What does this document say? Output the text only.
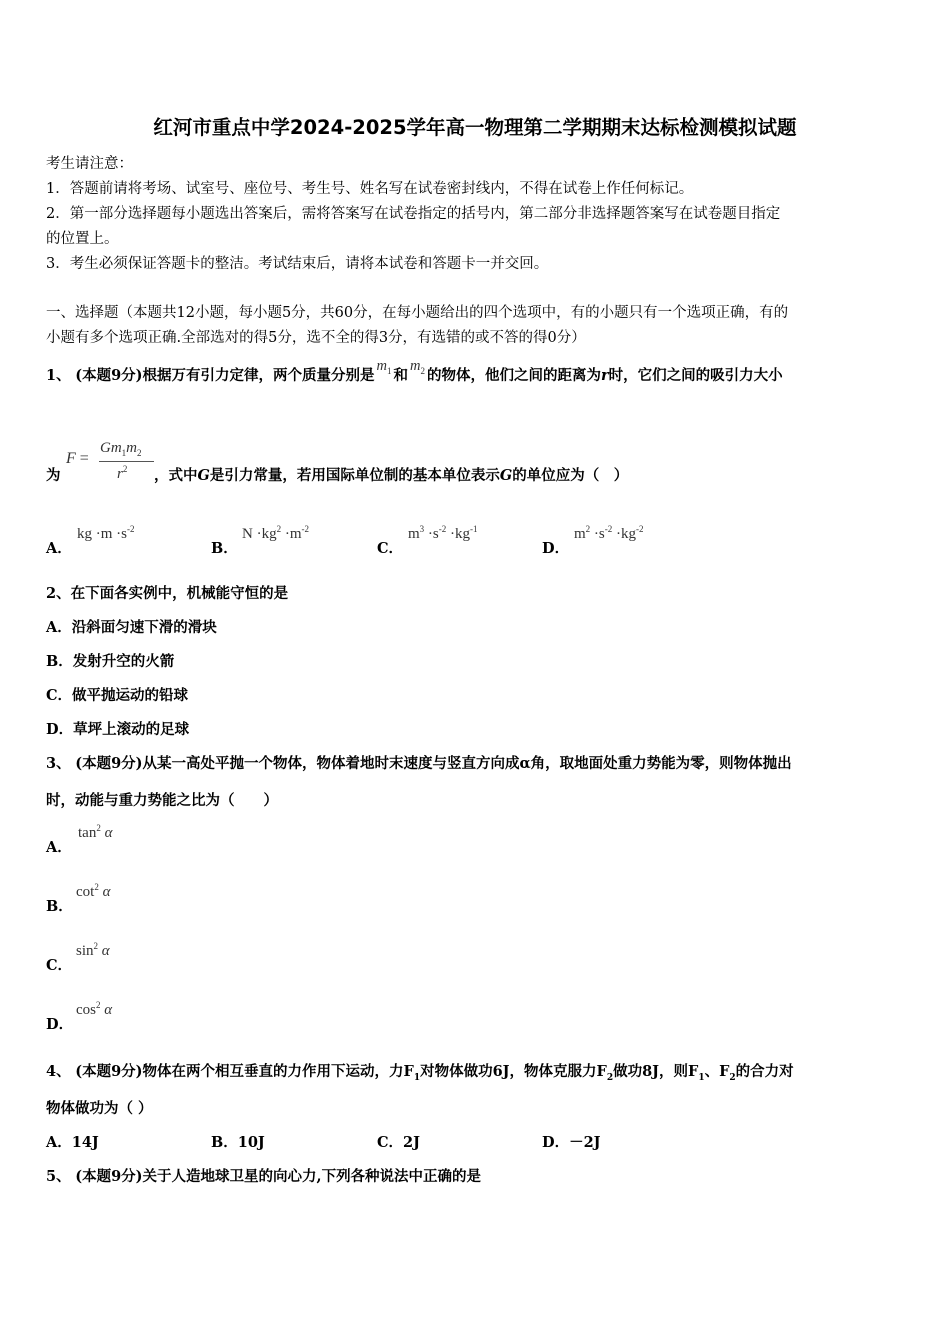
红河市重点中学2024-2025学年高一物理第二学期期末达标检测模拟试题
考生请注意：
1．答题前请将考场、试室号、座位号、考生号、姓名写在试卷密封线内，不得在试卷上作任何标记。
2．第一部分选择题每小题选出答案后，需将答案写在试卷指定的括号内，第二部分非选择题答案写在试卷题目指定
的位置上。
3．考生必须保证答题卡的整洁。考试结束后，请将本试卷和答题卡一并交回。
一、选择题（本题共12小题，每小题5分，共60分，在每小题给出的四个选项中，有的小题只有一个选项正确，有的
小题有多个选项正确.全部选对的得5分，选不全的得3分，有选错的或不答的得0分）
1、 (本题9分)根据万有引力定律，两个质量分别是$m_1$ 和$m_2$ 的物体，他们之间的距离为r时，它们之间的吸引力大小
为
F =
$Gm_1m_2$
$r^2$ ，式中G是引力常量，若用国际单位制的基本单位表示G的单位应为（　）
A．
kg $\cdot m \cdot s^{-2}$
B．
$N \cdot kg^2 \cdot m^{-2}$
C．
$m^3 \cdot s^{-2} \cdot kg^{-1}$
D．
$m^2 \cdot s^{-2} \cdot kg^{-2}$
2、在下面各实例中，机械能守恒的是
A．沿斜面匀速下滑的滑块
B．发射升空的火箭
C．做平抛运动的铅球
D．草坪上滚动的足球
3、 (本题9分)从某一高处平抛一个物体，物体着地时末速度与竖直方向成α角，取地面处重力势能为零，则物体抛出
时，动能与重力势能之比为（　　）
A．
$\tan^2 \alpha$
B．
$\cot^2 \alpha$
C．
$\sin^2 \alpha$
D．
$\cos^2 \alpha$
4、 (本题9分)物体在两个相互垂直的力作用下运动，力$F_1$对物体做功6J，物体克服力$F_2$做功8J，则$F_1$、$F_2$的合力对
物体做功为（ ）
A．14J	B．10J	C．2J	D．－2J
5、 (本题9分)关于人造地球卫星的向心力,下列各种说法中正确的是
